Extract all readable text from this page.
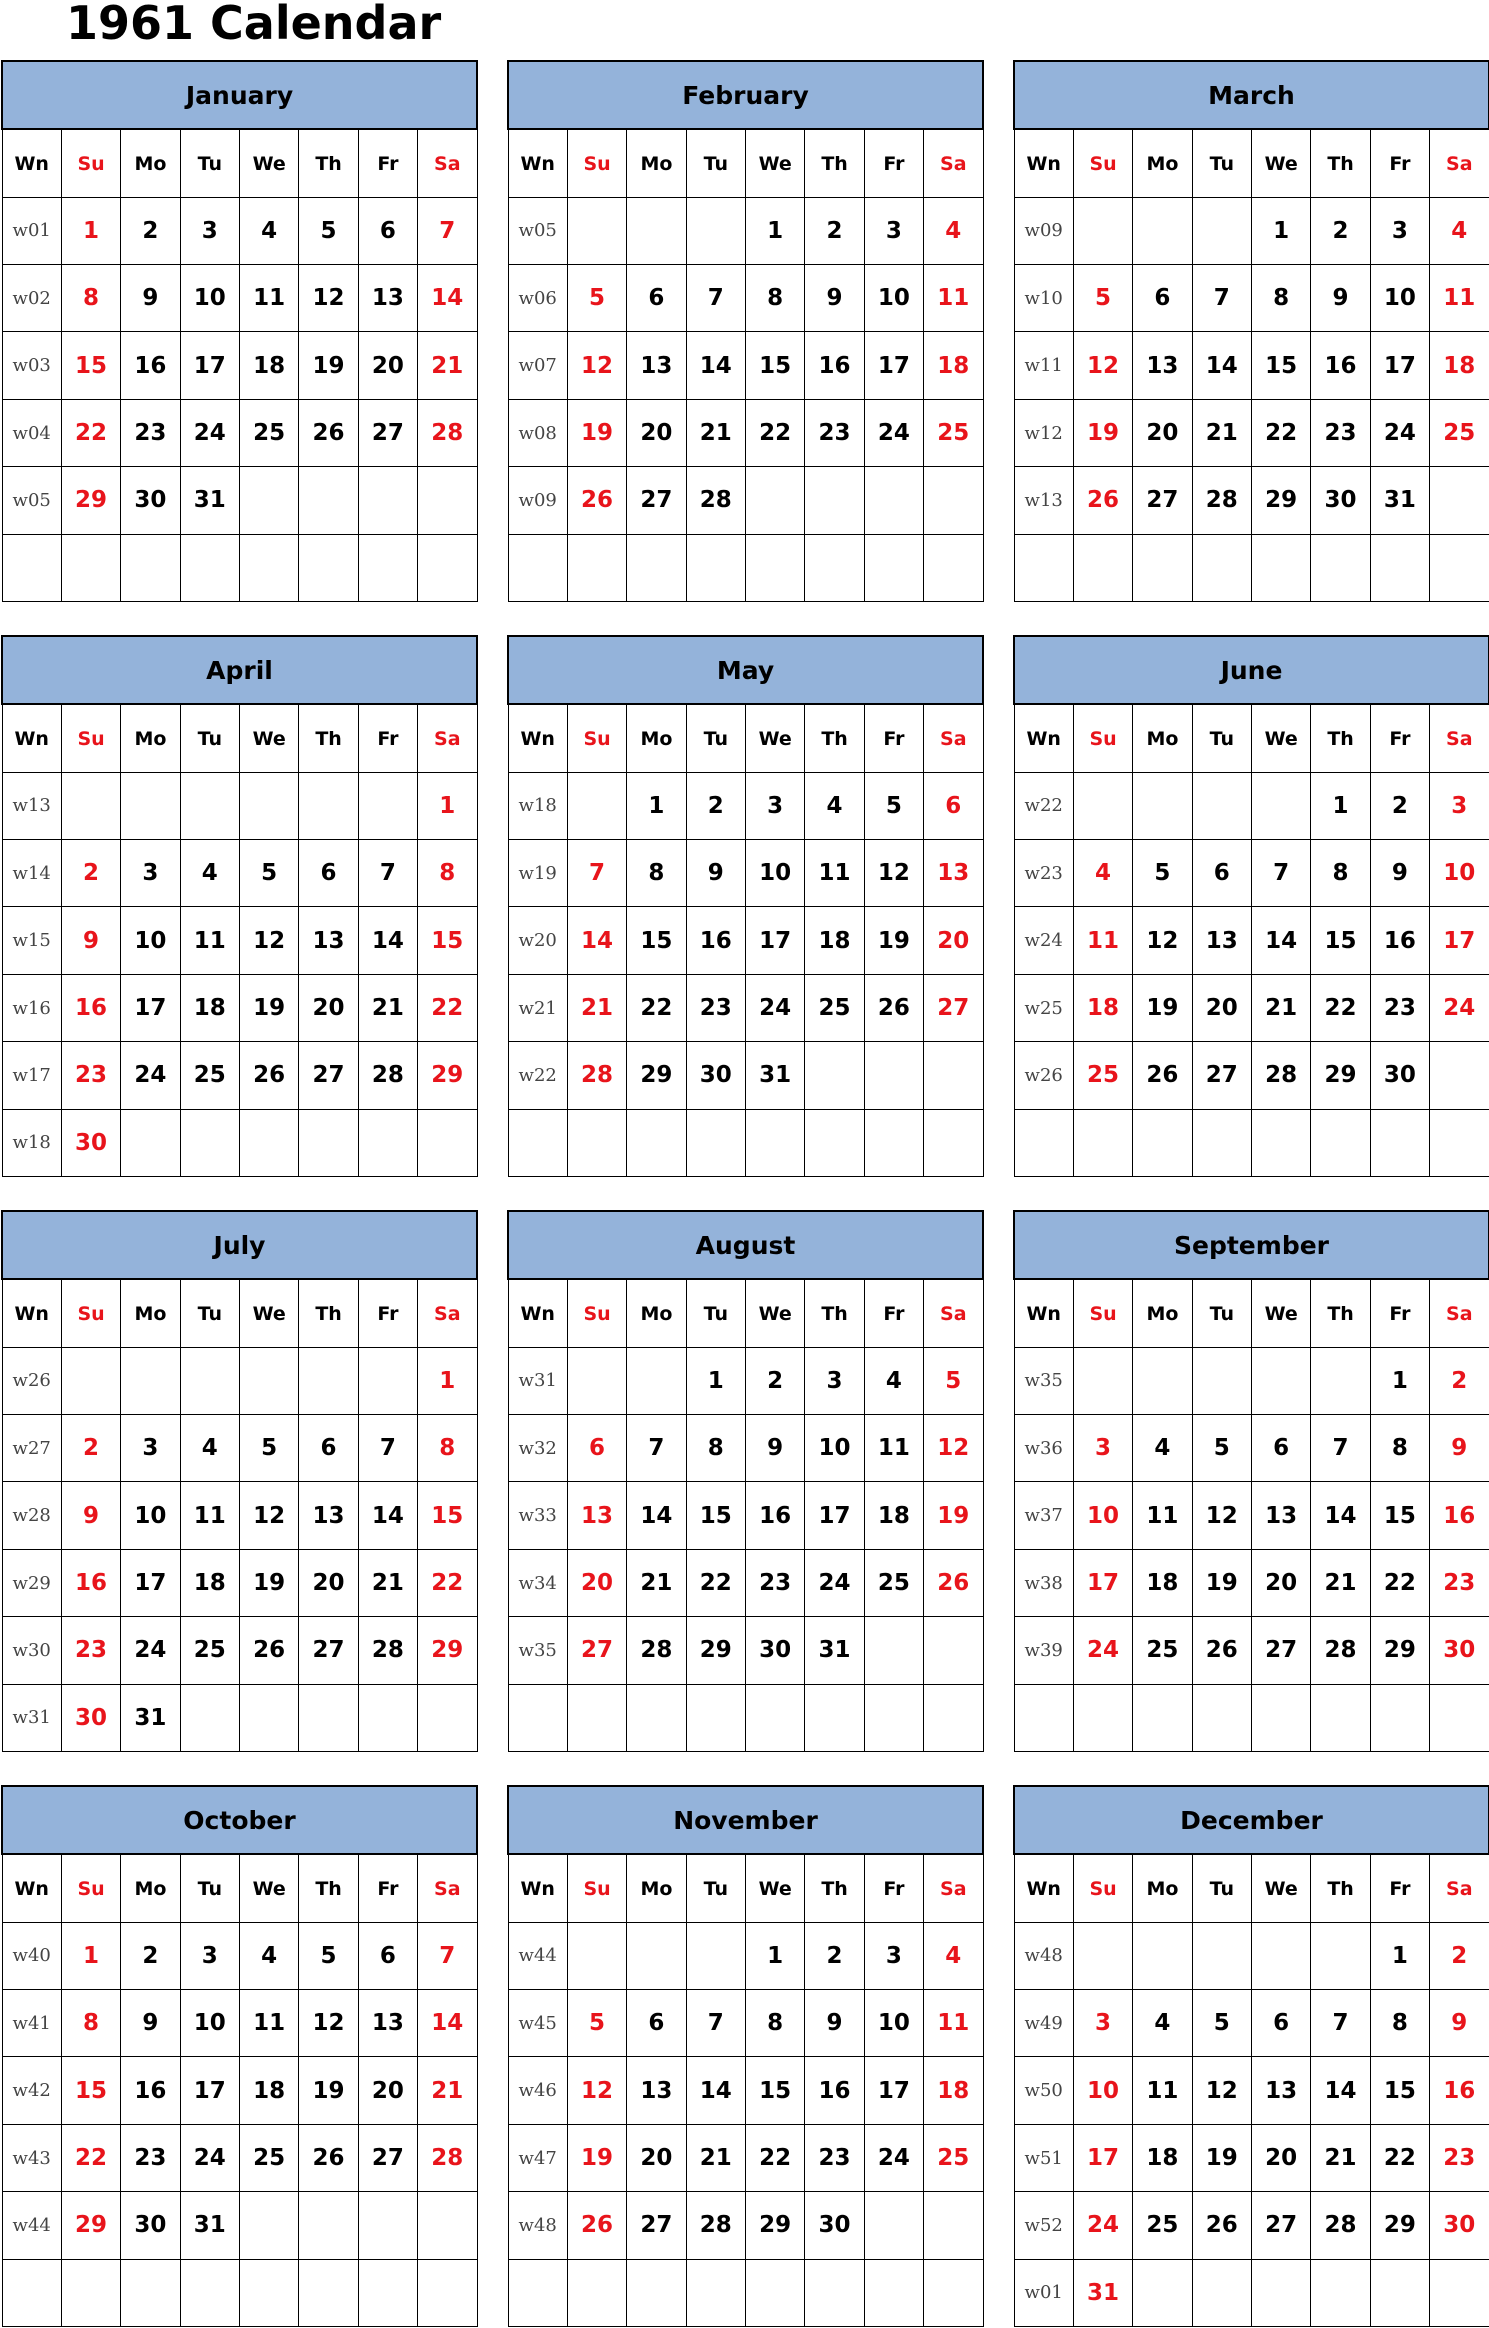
1961 Calendar
January							
Wn	Su	Mo	Tu	We	Th	Fr	Sa
w01	1	2	3	4	5	6	7
w02	8	9	10	11	12	13	14
w03	15	16	17	18	19	20	21
w04	22	23	24	25	26	27	28
w05	29	30	31				

February							
Wn	Su	Mo	Tu	We	Th	Fr	Sa
w05				1	2	3	4
w06	5	6	7	8	9	10	11
w07	12	13	14	15	16	17	18
w08	19	20	21	22	23	24	25
w09	26	27	28				

March							
Wn	Su	Mo	Tu	We	Th	Fr	Sa
w09				1	2	3	4
w10	5	6	7	8	9	10	11
w11	12	13	14	15	16	17	18
w12	19	20	21	22	23	24	25
w13	26	27	28	29	30	31	

April							
Wn	Su	Mo	Tu	We	Th	Fr	Sa
w13							1
w14	2	3	4	5	6	7	8
w15	9	10	11	12	13	14	15
w16	16	17	18	19	20	21	22
w17	23	24	25	26	27	28	29
w18	30						
May							
Wn	Su	Mo	Tu	We	Th	Fr	Sa
w18		1	2	3	4	5	6
w19	7	8	9	10	11	12	13
w20	14	15	16	17	18	19	20
w21	21	22	23	24	25	26	27
w22	28	29	30	31			

June							
Wn	Su	Mo	Tu	We	Th	Fr	Sa
w22					1	2	3
w23	4	5	6	7	8	9	10
w24	11	12	13	14	15	16	17
w25	18	19	20	21	22	23	24
w26	25	26	27	28	29	30	

July							
Wn	Su	Mo	Tu	We	Th	Fr	Sa
w26							1
w27	2	3	4	5	6	7	8
w28	9	10	11	12	13	14	15
w29	16	17	18	19	20	21	22
w30	23	24	25	26	27	28	29
w31	30	31					
August							
Wn	Su	Mo	Tu	We	Th	Fr	Sa
w31			1	2	3	4	5
w32	6	7	8	9	10	11	12
w33	13	14	15	16	17	18	19
w34	20	21	22	23	24	25	26
w35	27	28	29	30	31		

September							
Wn	Su	Mo	Tu	We	Th	Fr	Sa
w35						1	2
w36	3	4	5	6	7	8	9
w37	10	11	12	13	14	15	16
w38	17	18	19	20	21	22	23
w39	24	25	26	27	28	29	30

October							
Wn	Su	Mo	Tu	We	Th	Fr	Sa
w40	1	2	3	4	5	6	7
w41	8	9	10	11	12	13	14
w42	15	16	17	18	19	20	21
w43	22	23	24	25	26	27	28
w44	29	30	31				

November							
Wn	Su	Mo	Tu	We	Th	Fr	Sa
w44				1	2	3	4
w45	5	6	7	8	9	10	11
w46	12	13	14	15	16	17	18
w47	19	20	21	22	23	24	25
w48	26	27	28	29	30		

December							
Wn	Su	Mo	Tu	We	Th	Fr	Sa
w48						1	2
w49	3	4	5	6	7	8	9
w50	10	11	12	13	14	15	16
w51	17	18	19	20	21	22	23
w52	24	25	26	27	28	29	30
w01	31						
